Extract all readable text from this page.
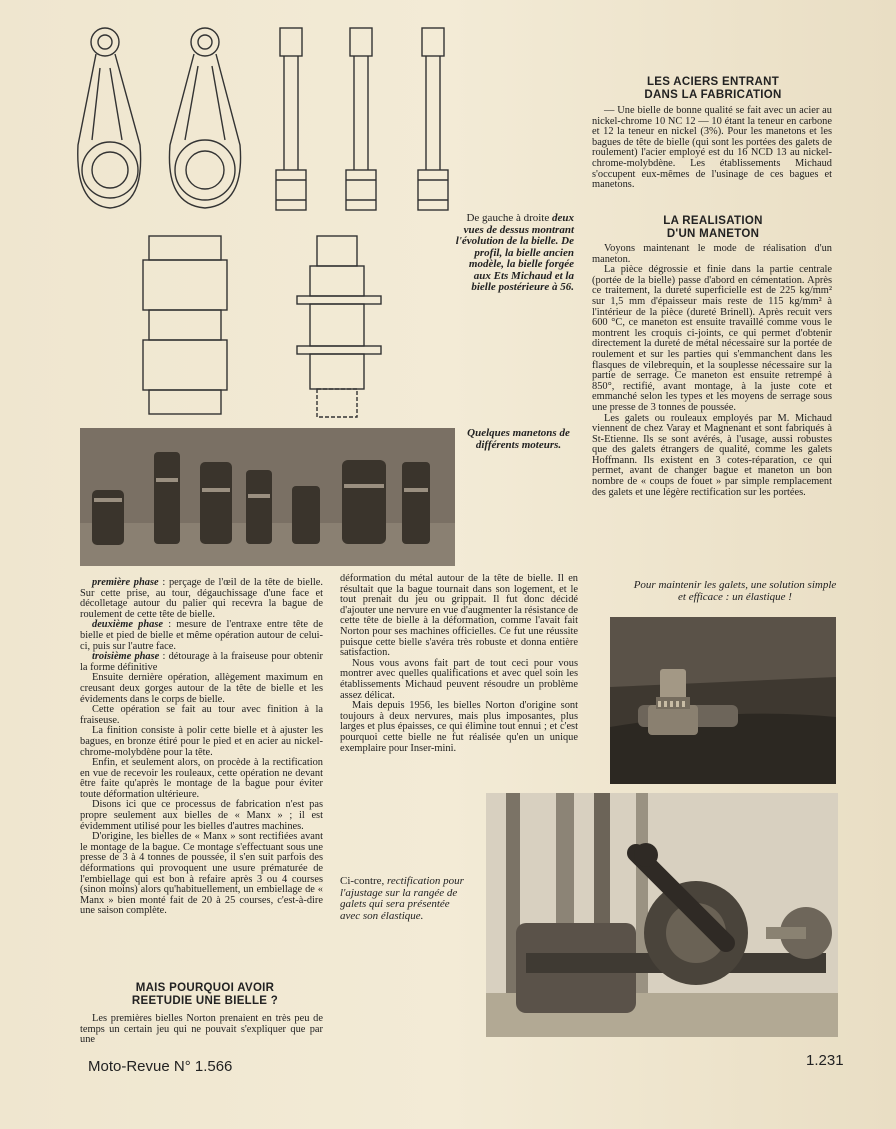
LES ACIERS ENTRANT
DANS LA FABRICATION

— Une bielle de bonne qualité se fait avec un acier au nickel-chrome 10 NC 12 — 10 étant la teneur en carbone et 12 la teneur en nickel (3%). Pour les manetons et les bagues de tête de bielle (qui sont les portées des galets de roulement) l'acier employé est du 16 NCD 13 au nickel-chrome-molybdène. Les établissements Michaud s'occupent eux-mêmes de l'usinage de ces bagues et manetons.

De gauche à droite deux vues de dessus montrant l'évolution de la bielle. De profil, la bielle ancien modèle, la bielle forgée aux Ets Michaud et la bielle postérieure à 56.
LA REALISATION
D'UN MANETON

Voyons maintenant le mode de réalisation d'un maneton.

La pièce dégrossie et finie dans la partie centrale (portée de la bielle) passe d'abord en cémentation. Après ce traitement, la dureté superficielle est de 225 kg/mm² sur 1,5 mm d'épaisseur mais reste de 115 kg/mm² à l'intérieur de la pièce (dureté Brinell). Après recuit vers 600 °C, ce maneton est ensuite travaillé comme vous le montrent les croquis ci-joints, ce qui permet d'obtenir directement la dureté de métal nécessaire sur la portée de roulement et sur les parties qui s'emmanchent dans les flasques de vilebrequin, et la souplesse nécessaire sur la partie de serrage. Ce maneton est ensuite retrempé à 850°, rectifié, avant montage, à la juste cote et emmanché selon les types et les moyens de serrage sous une presse de 3 tonnes de poussée.

Les galets ou rouleaux employés par M. Michaud viennent de chez Varay et Magnenant et sont fabriqués à St-Etienne. Ils se sont avérés, à l'usage, aussi robustes que des galets étrangers de qualité, comme les galets Hoffmann. Ils existent en 3 cotes-réparation, ce qui permet, avant de changer bague et maneton un bon nombre de « coups de fouet » par simple remplacement des galets et une légère rectification sur les portées.

Quelques manetons de différents moteurs.

première phase : perçage de l'œil de la tête de bielle. Sur cette prise, au tour, dégauchissage d'une face et décolletage autour du palier qui recevra la bague de roulement de cette tête de bielle.

deuxième phase : mesure de l'entraxe entre tête de bielle et pied de bielle et même opération autour de celui-ci, puis sur l'autre face.

troisième phase : détourage à la fraiseuse pour obtenir la forme définitive

Ensuite dernière opération, allègement maximum en creusant deux gorges autour de la tête de bielle et les évidements dans le corps de bielle.

Cette opération se fait au tour avec finition à la fraiseuse.

La finition consiste à polir cette bielle et à ajuster les bagues, en bronze étiré pour le pied et en acier au nickel-chrome-molybdène pour la tête.

Enfin, et seulement alors, on procède à la rectification en vue de recevoir les rouleaux, cette opération ne devant être faite qu'après le montage de la bague pour éviter toute déformation ultérieure.

Disons ici que ce processus de fabrication n'est pas propre seulement aux bielles de « Manx » ; il est évidemment utilisé pour les bielles d'autres machines.

D'origine, les bielles de « Manx » sont rectifiées avant le montage de la bague. Ce montage s'effectuant sous une presse de 3 à 4 tonnes de poussée, il s'en suit parfois des déformations qui provoquent une usure prématurée de l'embiellage qui est bon à refaire après 3 ou 4 courses (sinon moins) alors qu'habituellement, un embiellage de « Manx » bien monté fait de 20 à 25 courses, c'est-à-dire une saison complète.

MAIS POURQUOI AVOIR
REETUDIE UNE BIELLE ?

Les premières bielles Norton prenaient en très peu de temps un certain jeu qui ne pouvait s'expliquer que par une

déformation du métal autour de la tête de bielle. Il en résultait que la bague tournait dans son logement, et le tout prenait du jeu ou grippait. Il fut donc décidé d'ajouter une nervure en vue d'augmenter la résistance de cette tête de bielle à la déformation, comme l'avait fait Norton pour ses machines officielles. Ce fut une réussite puisque cette bielle s'avéra très robuste et donna entière satisfaction.

Nous vous avons fait part de tout ceci pour vous montrer avec quelles qualifications et avec quel soin les établissements Michaud peuvent résoudre un problème assez délicat.

Mais depuis 1956, les bielles Norton d'origine sont toujours à deux nervures, mais plus imposantes, plus larges et plus épaisses, ce qui élimine tout ennui ; et c'est pourquoi cette bielle ne fut réalisée qu'en un unique exemplaire pour Inser-mini.

Pour maintenir les galets, une solution simple et efficace : un élastique !
Ci-contre, rectification pour l'ajustage sur la rangée de galets qui sera présentée avec son élastique.
Moto-Revue N° 1.566	1.231
